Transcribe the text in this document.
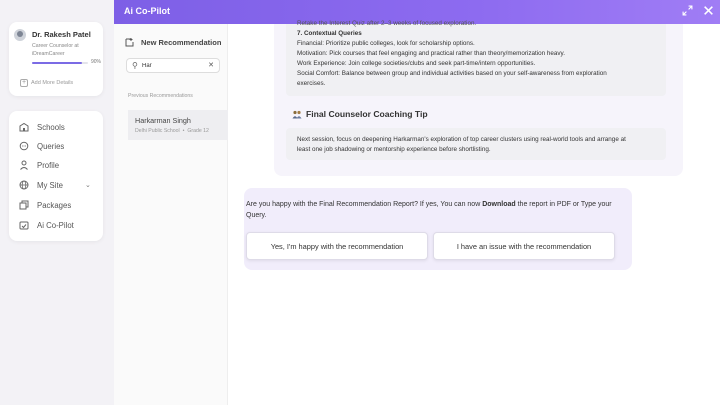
Dr. Rakesh Patel
Career Counselor at iDreamCareer
90%
+ Add More Details
Schools
Queries
Profile
My Site	⌄
Packages
Ai Co-Pilot
Ai Co-Pilot
New Recommendation
⚲
Har	✕
Previous Recommendations
Harkarman Singh
Delhi Public School  •  Grade 12
Retake the Interest Quiz after 2–3 weeks of focused exploration.
7. Contextual Queries
Financial: Prioritize public colleges, look for scholarship options.
Motivation: Pick courses that feel engaging and practical rather than theory/memorization heavy.
Work Experience: Join college societies/clubs and seek part-time/intern opportunities.
Social Comfort: Balance between group and individual activities based on your self-awareness from exploration
exercises.
Final Counselor Coaching Tip
Next session, focus on deepening Harkarman's exploration of top career clusters using real-world tools and arrange at
least one job shadowing or mentorship experience before shortlisting.
Are you happy with the Final Recommendation Report? If yes, You can now Download the report in PDF or Type your Query.
Yes, I'm happy with the recommendation	I have an issue with the recommendation
